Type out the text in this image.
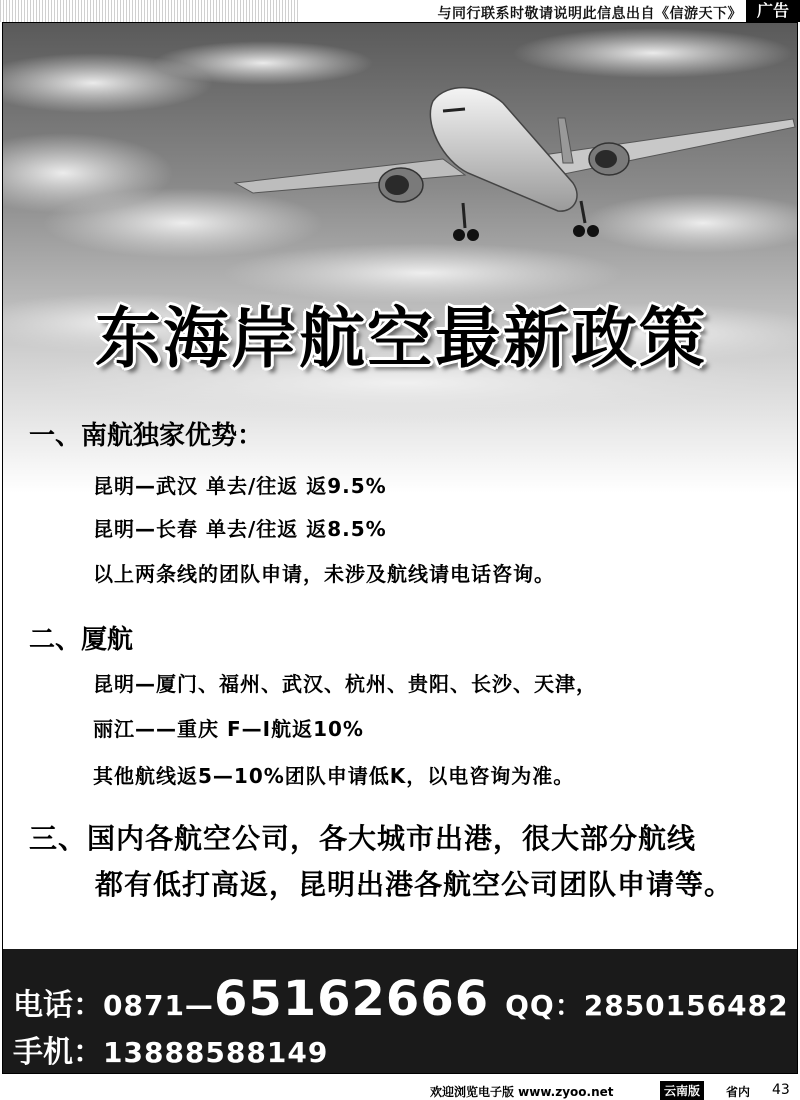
与同行联系时敬请说明此信息出自《信游天下》 广告
东海岸航空最新政策
一、南航独家优势：
昆明—武汉 单去/往返 返9.5%
昆明—长春 单去/往返 返8.5%
以上两条线的团队申请，未涉及航线请电话咨询。
二、厦航
昆明—厦门、福州、武汉、杭州、贵阳、长沙、天津，
丽江——重庆 F—I航返10%
其他航线返5—10%团队申请低K，以电咨询为准。
三、国内各航空公司，各大城市出港，很大部分航线
都有低打高返，昆明出港各航空公司团队申请等。
电话：0871—65162666 QQ：2850156482
手机：13888588149
欢迎浏览电子版 www.zyoo.net	云南版	省内 43
